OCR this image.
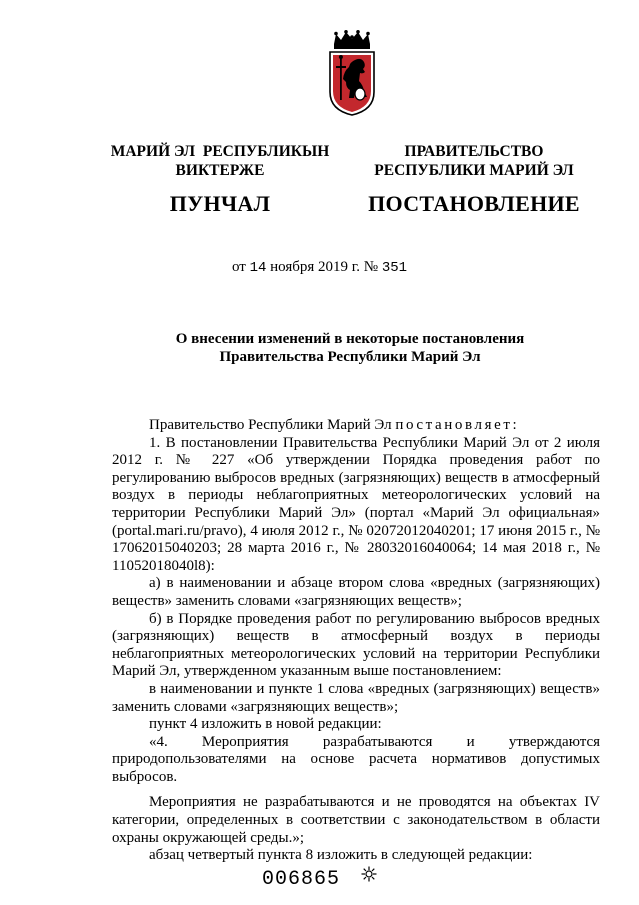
МАРИЙ ЭЛ  РЕСПУБЛИКЫН
ВИКТЕРЖЕ
ПУНЧАЛ
ПРАВИТЕЛЬСТВО
РЕСПУБЛИКИ МАРИЙ ЭЛ
ПОСТАНОВЛЕНИЕ
от 14 ноября 2019 г. № 351
О внесении изменений в некоторые постановления
Правительства Республики Марий Эл

Правительство Республики Марий Эл постановляет:

1. В постановлении Правительства Республики Марий Эл от 2 июля 2012 г. № 227 «Об утверждении Порядка проведения работ по регулированию выбросов вредных (загрязняющих) веществ в атмосферный воздух в периоды неблагоприятных метеорологических условий на территории Республики Марий Эл» (портал «Марий Эл официальная» (portal.mari.ru/pravo), 4 июля 2012 г., № 02072012040201; 17 июня 2015 г., № 17062015040203; 28 марта 2016 г., № 28032016040064; 14 мая 2018 г., № 11052018040l8):

а) в наименовании и абзаце втором слова «вредных (загрязняющих) веществ» заменить словами «загрязняющих веществ»;

б) в Порядке проведения работ по регулированию выбросов вредных (загрязняющих) веществ в атмосферный воздух в периоды неблагоприятных метеорологических условий на территории Республики Марий Эл, утвержденном указанным выше постановлением:

в наименовании и пункте 1 слова «вредных (загрязняющих) веществ» заменить словами «загрязняющих веществ»;

пункт 4 изложить в новой редакции:

«4. Мероприятия разрабатываются и утверждаются природопользователями на основе расчета нормативов допустимых выбросов.

Мероприятия не разрабатываются и не проводятся на объектах IV категории, определенных в соответствии с законодательством в области охраны окружающей среды.»;

абзац четвертый пункта 8 изложить в следующей редакции:

006865
